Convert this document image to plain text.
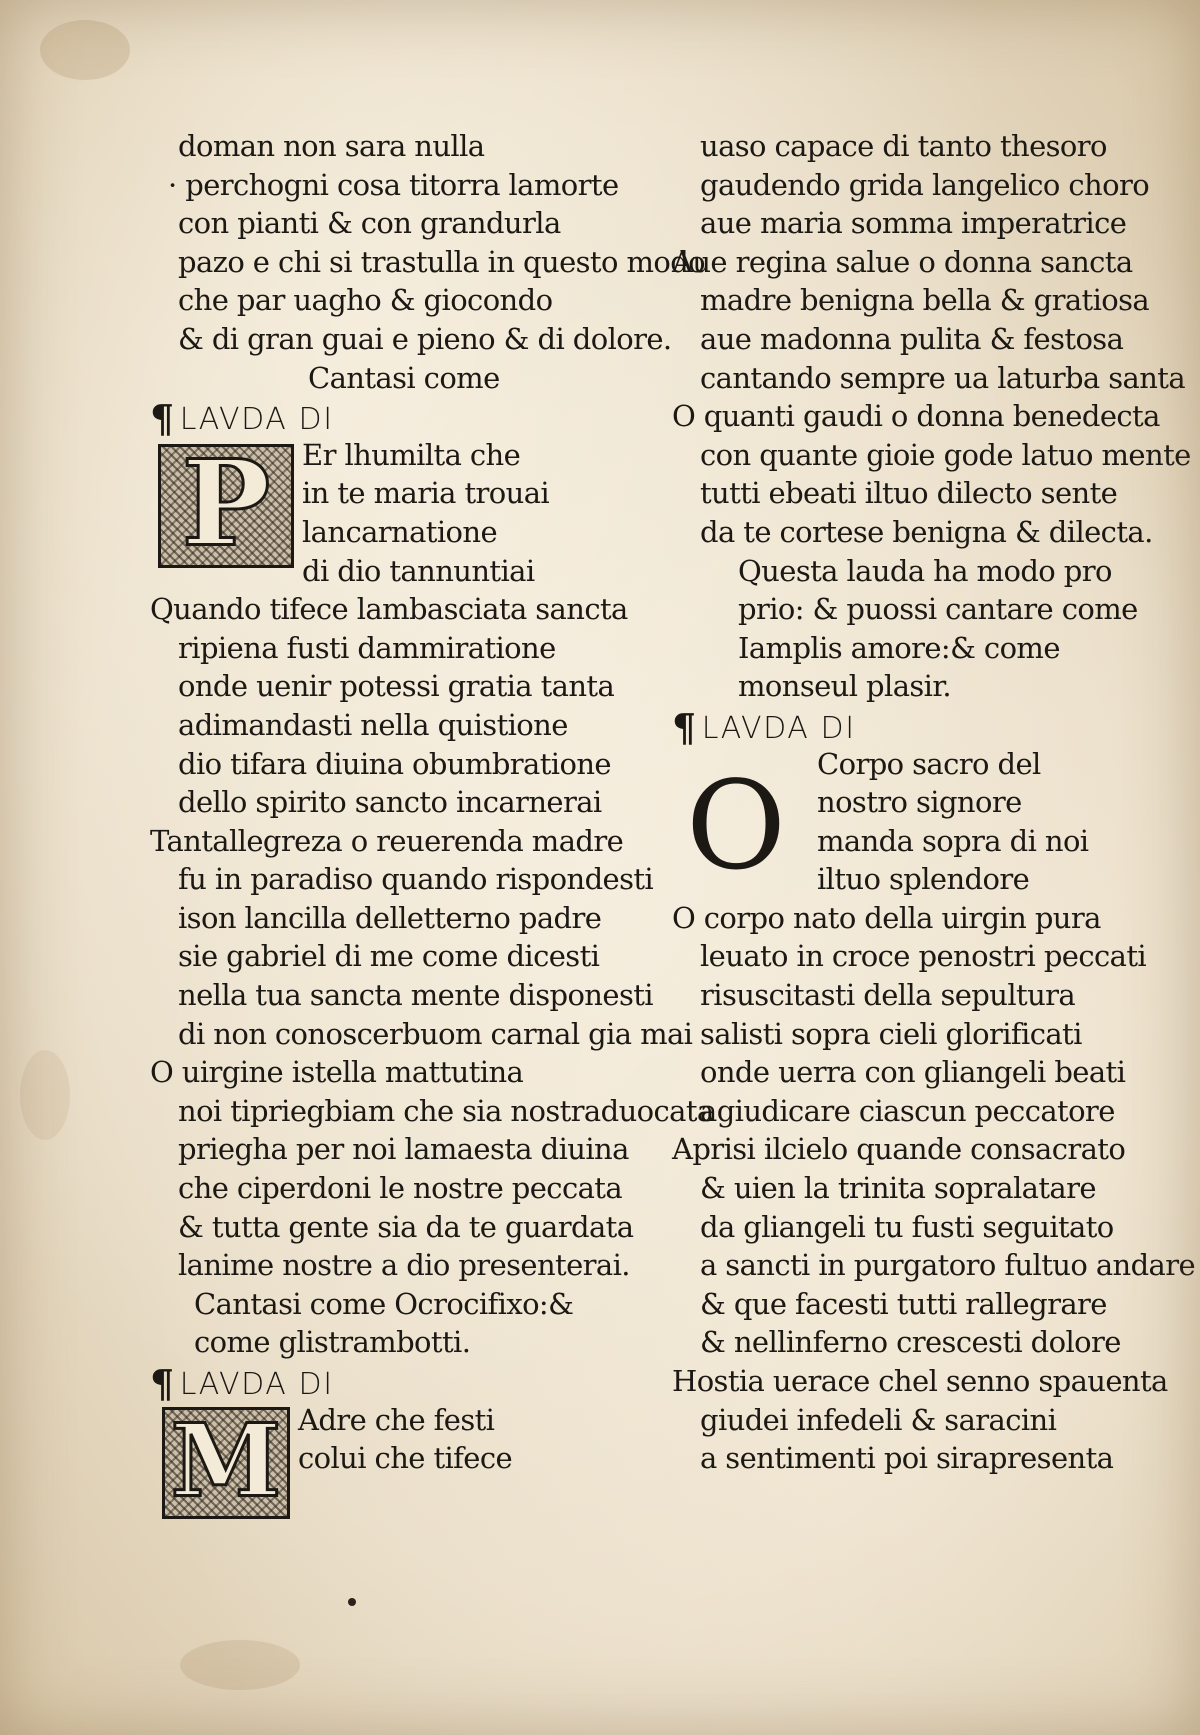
doman non sara nulla
· perchogni cosa titorra lamorte
con pianti & con grandurla
pazo e chi si trastulla in questo modo
che par uagho & giocondo
& di gran guai e pieno & di dolore.
Cantasi come
¶ LAVDA DI
P	Er lhumilta che
in te maria trouai
lancarnatione
di dio tannuntiai
Quando tifece lambasciata sancta
ripiena fusti dammiratione
onde uenir potessi gratia tanta
adimandasti nella quistione
dio tifara diuina obumbratione
dello spirito sancto incarnerai
Tantallegreza o reuerenda madre
fu in paradiso quando rispondesti
ison lancilla delletterno padre
sie gabriel di me come dicesti
nella tua sancta mente disponesti
di non conoscerbuom carnal gia mai
O uirgine istella mattutina
noi tipriegbiam che sia nostraduocata
priegha per noi lamaesta diuina
che ciperdoni le nostre peccata
& tutta gente sia da te guardata
lanime nostre a dio presenterai.
Cantasi come Ocrocifixo:&
come glistrambotti.
¶ LAVDA DI
M Adre che festi
colui che tifece
uaso capace di tanto thesoro
gaudendo grida langelico choro
aue maria somma imperatrice
Aue regina salue o donna sancta
madre benigna bella & gratiosa
aue madonna pulita & festosa
cantando sempre ua laturba santa
O quanti gaudi o donna benedecta
con quante gioie gode latuo mente
tutti ebeati iltuo dilecto sente
da te cortese benigna & dilecta.
Questa lauda ha modo pro
prio: & puossi cantare come
Iamplis amore:& come
monseul plasir.
¶ LAVDA DI
O Corpo sacro del
nostro signore
manda sopra di noi
iltuo splendore
O corpo nato della uirgin pura
leuato in croce penostri peccati
risuscitasti della sepultura
salisti sopra cieli glorificati
onde uerra con gliangeli beati
agiudicare ciascun peccatore
Aprisi ilcielo quande consacrato
& uien la trinita sopralatare
da gliangeli tu fusti seguitato
a sancti in purgatoro fultuo andare
& que facesti tutti rallegrare
& nellinferno crescesti dolore
Hostia uerace chel senno spauenta
giudei infedeli & saracini
a sentimenti poi sirapresenta
